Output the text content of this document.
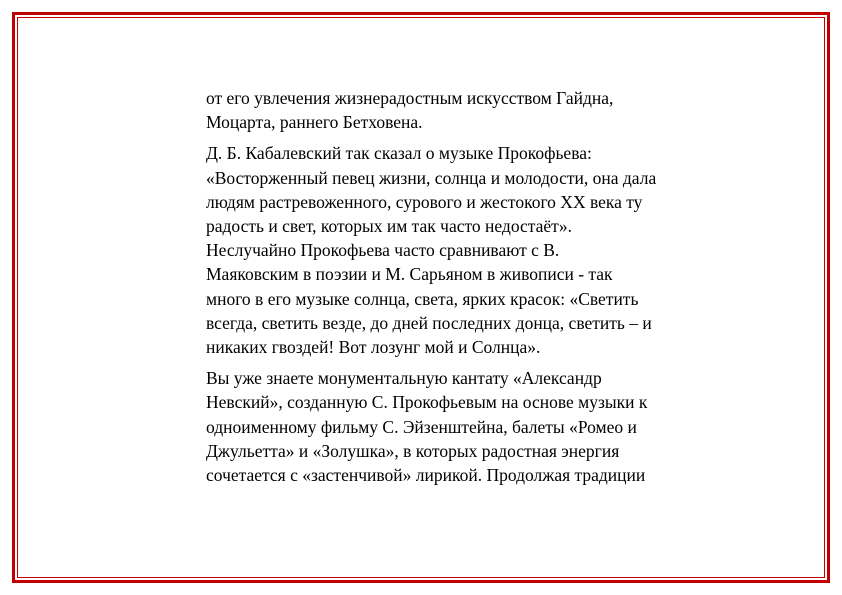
от его увлечения жизнерадостным искусством Гайдна,
Моцарта, раннего Бетховена.

Д. Б. Кабалевский так сказал о музыке Прокофьева:
«Восторженный певец жизни, солнца и молодости, она дала
людям растревоженного, сурового и жестокого XX века ту
радость и свет, которых им так часто недостаёт».
Неслучайно Прокофьева часто сравнивают с В.
Маяковским в поэзии и М. Сарьяном в живописи - так
много в его музыке солнца, света, ярких красок: «Светить
всегда, светить везде, до дней последних донца, светить – и
никаких гвоздей! Вот лозунг мой и Солнца».

Вы уже знаете монументальную кантату «Александр
Невский», созданную С. Прокофьевым на основе музыки к
одноименному фильму С. Эйзенштейна, балеты «Ромео и
Джульетта» и «Золушка», в которых радостная энергия
сочетается с «застенчивой» лирикой. Продолжая традиции
